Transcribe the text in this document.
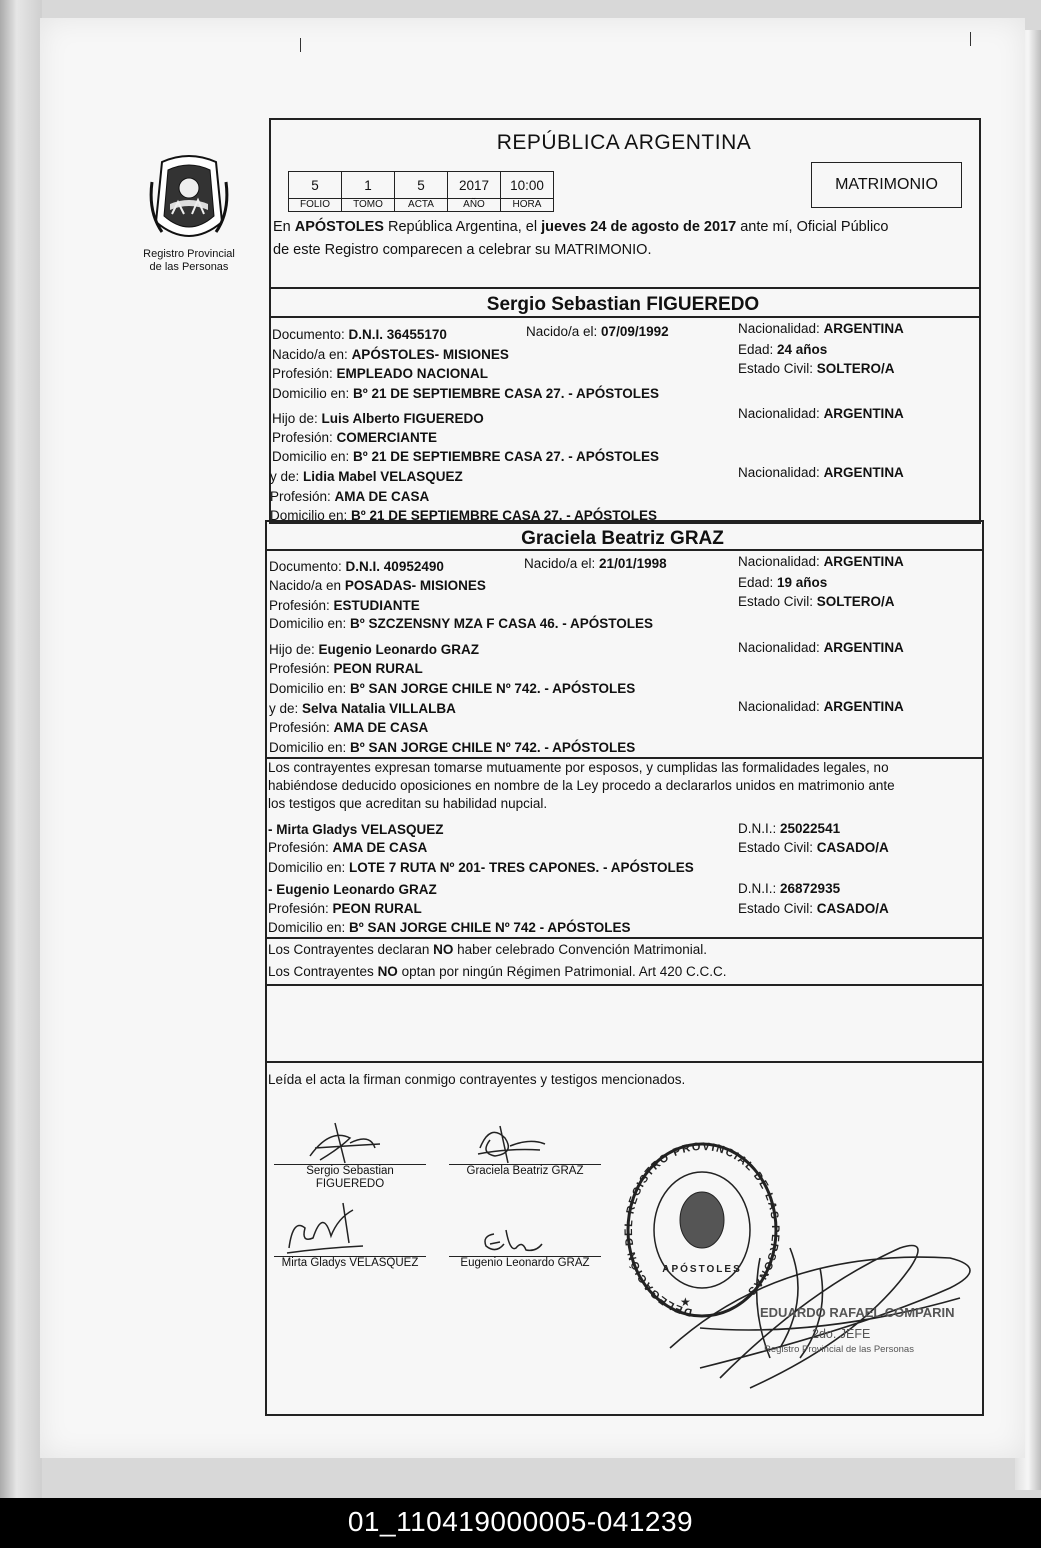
Registro Provincial
de las Personas
REPÚBLICA ARGENTINA
5	1	5	2017	10:00
FOLIO	TOMO	ACTA	AÑO	HORA
MATRIMONIO
En APÓSTOLES República Argentina, el jueves 24 de agosto de 2017 ante mí, Oficial Público
de este Registro comparecen a celebrar su MATRIMONIO.
Sergio Sebastian FIGUEREDO
Documento: D.N.I. 36455170	Nacido/a el: 07/09/1992	Nacionalidad: ARGENTINA
Nacido/a en: APÓSTOLES- MISIONES	Edad: 24 años
Profesión: EMPLEADO NACIONAL	Estado Civil: SOLTERO/A
Domicilio en: Bº 21 DE SEPTIEMBRE CASA 27. - APÓSTOLES
Hijo de: Luis Alberto FIGUEREDO	Nacionalidad: ARGENTINA
Profesión: COMERCIANTE
Domicilio en: Bº 21 DE SEPTIEMBRE CASA 27. - APÓSTOLES
y de: Lidia Mabel VELASQUEZ	Nacionalidad: ARGENTINA
Profesión: AMA DE CASA
Domicilio en: Bº 21 DE SEPTIEMBRE CASA 27. - APÓSTOLES
Graciela Beatriz GRAZ
Documento: D.N.I. 40952490	Nacido/a el: 21/01/1998	Nacionalidad: ARGENTINA
Nacido/a en POSADAS- MISIONES	Edad: 19 años
Profesión: ESTUDIANTE	Estado Civil: SOLTERO/A
Domicilio en: Bº SZCZENSNY MZA F CASA 46. - APÓSTOLES
Hijo de: Eugenio Leonardo GRAZ	Nacionalidad: ARGENTINA
Profesión: PEON RURAL
Domicilio en: Bº SAN JORGE CHILE Nº 742. - APÓSTOLES
y de: Selva Natalia VILLALBA	Nacionalidad: ARGENTINA
Profesión: AMA DE CASA
Domicilio en: Bº SAN JORGE CHILE Nº 742. - APÓSTOLES
Los contrayentes expresan tomarse mutuamente por esposos, y cumplidas las formalidades legales, no
habiéndose deducido oposiciones en nombre de la Ley procedo a declararlos unidos en matrimonio ante
los testigos que acreditan su habilidad nupcial.
- Mirta Gladys VELASQUEZ	D.N.I.: 25022541
Profesión: AMA DE CASA	Estado Civil: CASADO/A
Domicilio en: LOTE 7 RUTA Nº 201- TRES CAPONES. - APÓSTOLES
- Eugenio Leonardo GRAZ	D.N.I.: 26872935
Profesión: PEON RURAL	Estado Civil: CASADO/A
Domicilio en: Bº SAN JORGE CHILE Nº 742 - APÓSTOLES
Los Contrayentes declaran NO haber celebrado Convención Matrimonial.
Los Contrayentes NO optan por ningún Régimen Patrimonial. Art 420 C.C.C.
Leída el acta la firman conmigo contrayentes y testigos mencionados.
Sergio Sebastian
FIGUEREDO
Graciela Beatriz GRAZ
Mirta Gladys VELASQUEZ	Eugenio Leonardo GRAZ
DELEGACIÓN DEL REGISTRO PROVINCIAL DE LAS PERSONAS
APÓSTOLES
★
EDUARDO RAFAEL COMPARIN
2do. JEFE
Registro Provincial de las Personas
01_110419000005-041239
